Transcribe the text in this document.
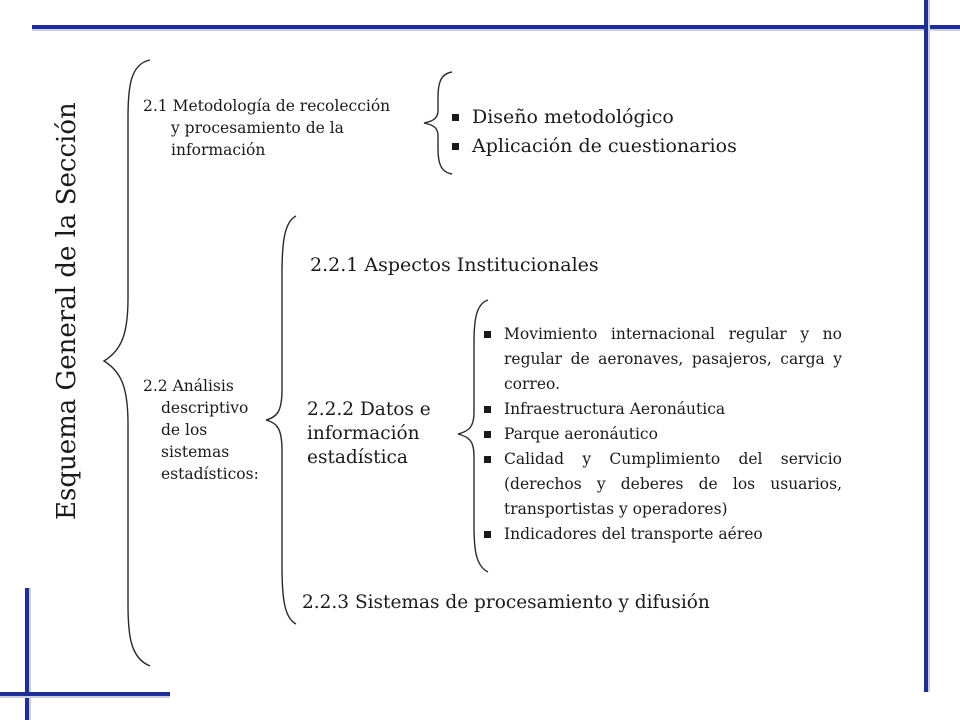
Esquema General de la Sección	2.1 Metodología de recolección
y procesamiento de la
información
Diseño metodológico
Aplicación de cuestionarios
2.2 Análisis
descriptivo
de los
sistemas
estadísticos:
2.2.1 Aspectos Institucionales
2.2.2 Datos e
información
estadística
Movimiento internacional regular y no regular de aeronaves, pasajeros, carga y correo.
Infraestructura Aeronáutica
Parque aeronáutico
Calidad y Cumplimiento del servicio (derechos y deberes de los usuarios, transportistas y operadores)
Indicadores del transporte aéreo
2.2.3 Sistemas de procesamiento y difusión
